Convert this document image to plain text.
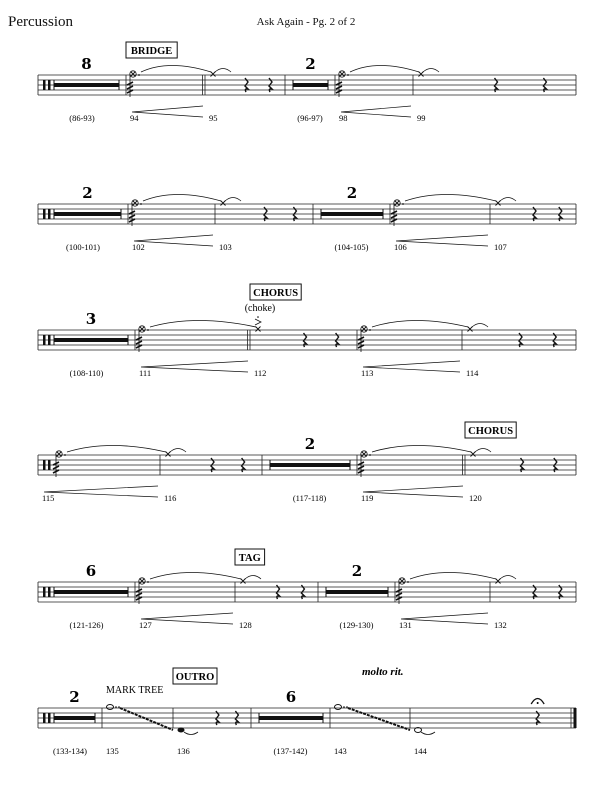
Percussion	Ask Again - Pg. 2 of 2
(86-93)
8
94	95	(96-97)
2
98	99
BRIDGE
(100-101)
2
102	103	(104-105)
2
106	107
(108-110)
3
111	112	113	114
CHORUS
(choke)
115	116	(117-118)
2
119	120
CHORUS
(121-126)
6
127	128	(129-130)
2
131	132
TAG
(133-134)
2
135	136	(137-142)
6
143	144
OUTRO
MARK TREE
molto rit.
